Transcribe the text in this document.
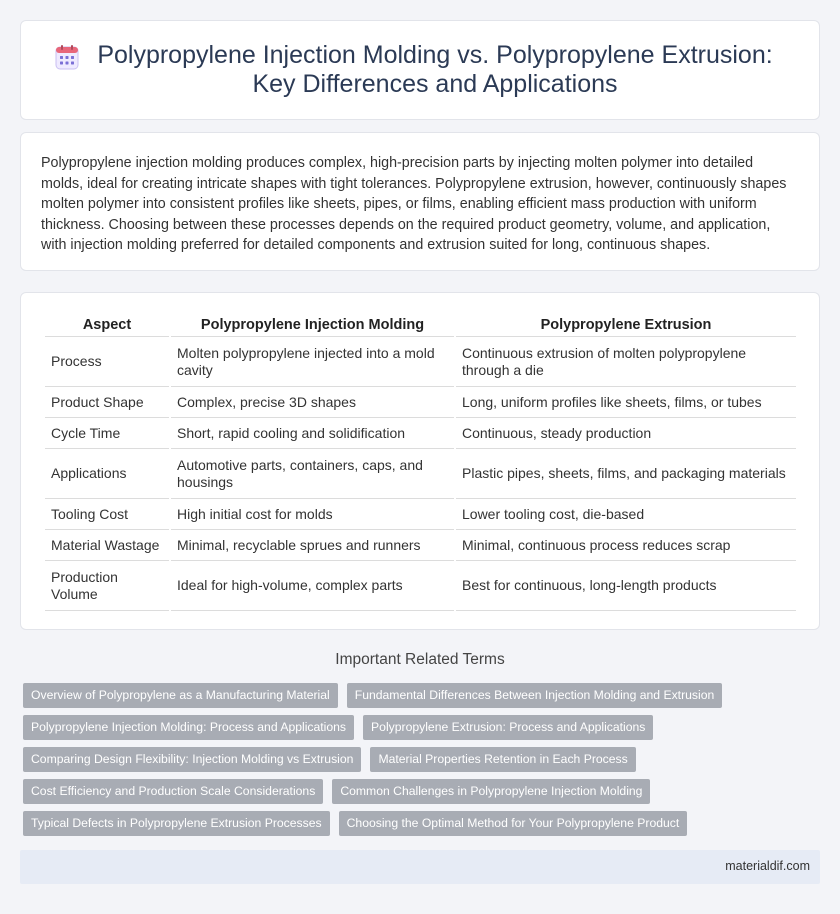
Polypropylene Injection Molding vs. Polypropylene Extrusion: Key Differences and Applications

Polypropylene injection molding produces complex, high-precision parts by injecting molten polymer into detailed molds, ideal for creating intricate shapes with tight tolerances. Polypropylene extrusion, however, continuously shapes molten polymer into consistent profiles like sheets, pipes, or films, enabling efficient mass production with uniform thickness. Choosing between these processes depends on the required product geometry, volume, and application, with injection molding preferred for detailed components and extrusion suited for long, continuous shapes.

Aspect	Polypropylene Injection Molding	Polypropylene Extrusion
Process	Molten polypropylene injected into a mold cavity	Continuous extrusion of molten polypropylene through a die
Product Shape	Complex, precise 3D shapes	Long, uniform profiles like sheets, films, or tubes
Cycle Time	Short, rapid cooling and solidification	Continuous, steady production
Applications	Automotive parts, containers, caps, and housings	Plastic pipes, sheets, films, and packaging materials
Tooling Cost	High initial cost for molds	Lower tooling cost, die-based
Material Wastage	Minimal, recyclable sprues and runners	Minimal, continuous process reduces scrap
Production Volume	Ideal for high-volume, complex parts	Best for continuous, long-length products
Important Related Terms
Overview of Polypropylene as a Manufacturing Material	Fundamental Differences Between Injection Molding and Extrusion
Polypropylene Injection Molding: Process and Applications	Polypropylene Extrusion: Process and Applications
Comparing Design Flexibility: Injection Molding vs Extrusion	Material Properties Retention in Each Process
Cost Efficiency and Production Scale Considerations	Common Challenges in Polypropylene Injection Molding
Typical Defects in Polypropylene Extrusion Processes	Choosing the Optimal Method for Your Polypropylene Product
materialdif.com
